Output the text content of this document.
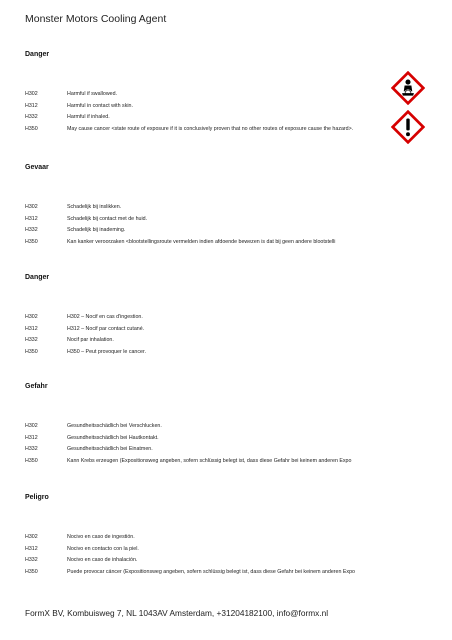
Monster Motors Cooling Agent
Danger
H302	Harmful if swallowed.
H312	Harmful in contact with skin.
H332	Harmful if inhaled.
H350	May cause cancer <state route of exposure if it is conclusively proven that no other routes of exposure cause the hazard>.
Gevaar
H302	Schadelijk bij inslikken.
H312	Schadelijk bij contact met de huid.
H332	Schadelijk bij inademing.
H350	Kan kanker veroorzaken <blootstellingsroute vermelden indien afdoende bewezen is dat bij geen andere blootstelli
Danger
H302	H302 – Nocif en cas d'ingestion.
H312	H312 – Nocif par contact cutané.
H332	Nocif par inhalation.
H350	H350 – Peut provoquer le cancer.
Gefahr
H302	Gesundheitsschädlich bei Verschlucken.
H312	Gesundheitsschädlich bei Hautkontakt.
H332	Gesundheitsschädlich bei Einatmen.
H350	Kann Krebs erzeugen (Expositionsweg angeben, sofern schlüssig belegt ist, dass diese Gefahr bei keinem anderen Expo
Peligro
H302	Nocivo en caso de ingestión.
H312	Nocivo en contacto con la piel.
H332	Nocivo en caso de inhalación.
H350	Puede provocar cáncer (Expositionsweg angeben, sofern schlüssig belegt ist, dass diese Gefahr bei keinem anderen Expo
FormX BV, Kombuisweg 7, NL 1043AV Amsterdam, +31204182100, info@formx.nl
